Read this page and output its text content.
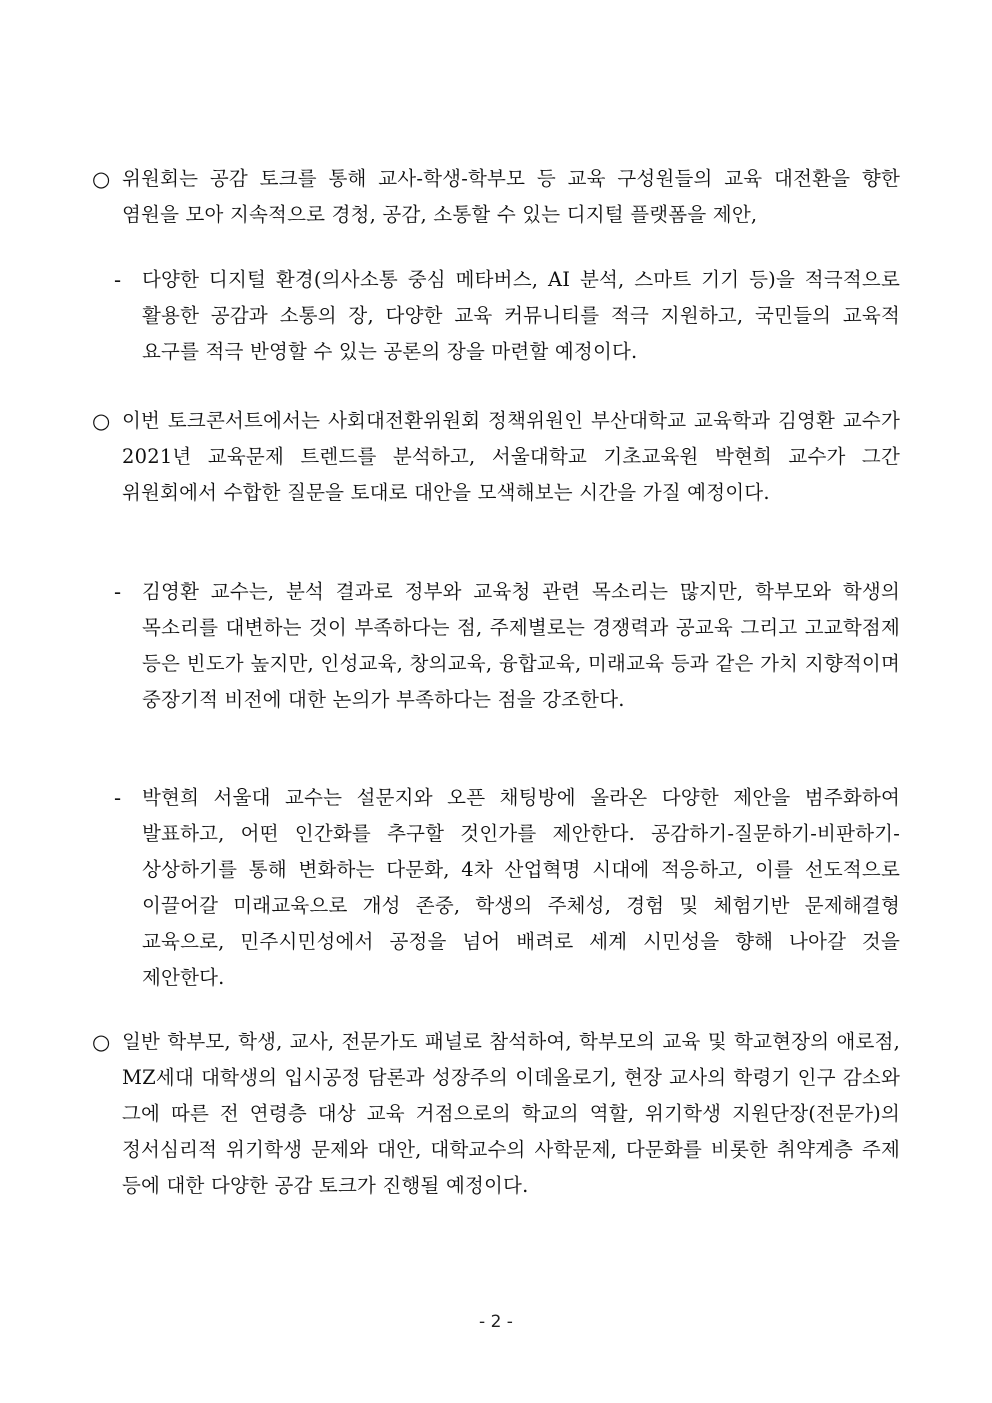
○ 위원회는 공감 토크를 통해 교사-학생-학부모 등 교육 구성원들의 교육 대전환을 향한 염원을 모아 지속적으로 경청, 공감, 소통할 수 있는 디지털 플랫폼을 제안,
-	다양한 디지털 환경(의사소통 중심 메타버스, AI 분석, 스마트 기기 등)을 적극적으로 활용한 공감과 소통의 장, 다양한 교육 커뮤니티를 적극 지원하고, 국민들의 교육적 요구를 적극 반영할 수 있는 공론의 장을 마련할 예정이다.
○ 이번 토크콘서트에서는 사회대전환위원회 정책위원인 부산대학교 교육학과 김영환 교수가 2021년 교육문제 트렌드를 분석하고, 서울대학교 기초교육원 박현희 교수가 그간 위원회에서 수합한 질문을 토대로 대안을 모색해보는 시간을 가질 예정이다.
-	김영환 교수는, 분석 결과로 정부와 교육청 관련 목소리는 많지만, 학부모와 학생의 목소리를 대변하는 것이 부족하다는 점, 주제별로는 경쟁력과 공교육 그리고 고교학점제 등은 빈도가 높지만, 인성교육, 창의교육, 융합교육, 미래교육 등과 같은 가치 지향적이며 중장기적 비전에 대한 논의가 부족하다는 점을 강조한다.
-	박현희 서울대 교수는 설문지와 오픈 채팅방에 올라온 다양한 제안을 범주화하여 발표하고, 어떤 인간화를 추구할 것인가를 제안한다. 공감하기-질문하기-비판하기-상상하기를 통해 변화하는 다문화, 4차 산업혁명 시대에 적응하고, 이를 선도적으로 이끌어갈 미래교육으로 개성 존중, 학생의 주체성, 경험 및 체험기반 문제해결형 교육으로, 민주시민성에서 공정을 넘어 배려로 세계 시민성을 향해 나아갈 것을 제안한다.
○ 일반 학부모, 학생, 교사, 전문가도 패널로 참석하여, 학부모의 교육 및 학교현장의 애로점, MZ세대 대학생의 입시공정 담론과 성장주의 이데올로기, 현장 교사의 학령기 인구 감소와 그에 따른 전 연령층 대상 교육 거점으로의 학교의 역할, 위기학생 지원단장(전문가)의 정서심리적 위기학생 문제와 대안, 대학교수의 사학문제, 다문화를 비롯한 취약계층 주제 등에 대한 다양한 공감 토크가 진행될 예정이다.
- 2 -
